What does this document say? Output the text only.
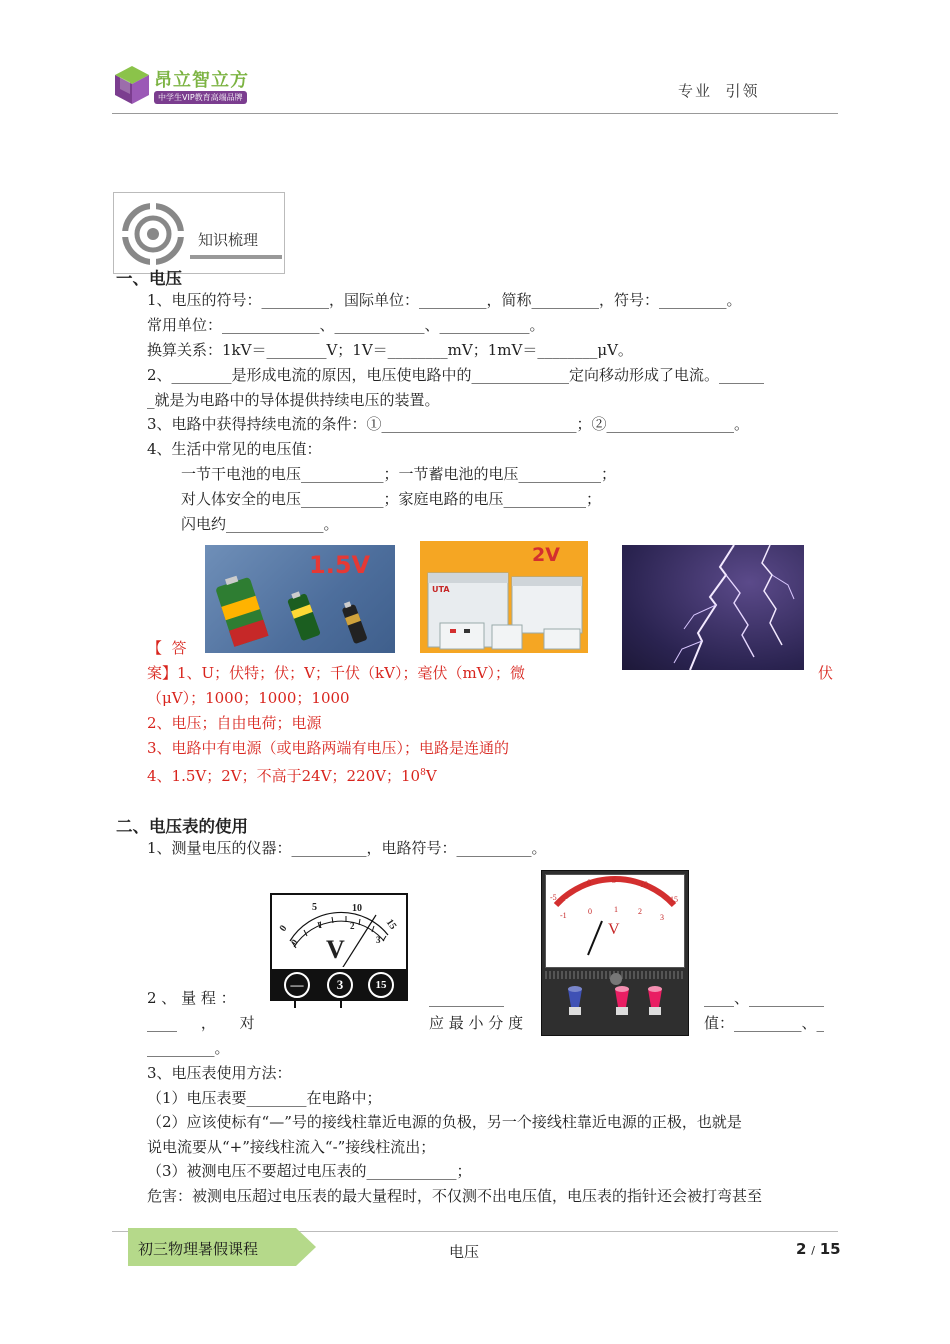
昂立智立方
中学生VIP教育高端品牌	专业  引领
知识梳理
一、电压
1、电压的符号：_________，国际单位：_________，简称_________，符号：_________。
常用单位：_____________、____________、____________。
换算关系：1kV＝________V；1V＝________mV；1mV＝________μV。
2、________是形成电流的原因，电压使电路中的_____________定向移动形成了电流。______
_就是为电路中的导体提供持续电压的装置。
3、电路中获得持续电流的条件：①__________________________；②_________________。
4、生活中常见的电压值：
一节干电池的电压___________；一节蓄电池的电压___________；
对人体安全的电压___________；家庭电路的电压___________；
闪电约_____________。
1.5V	2V
UTA
【  答
案】1、U；伏特；伏；V；千伏（kV）；毫伏（mV）；微	伏
（μV）；1000；1000；1000
2、电压；自由电荷；电源
3、电路中有电源（或电路两端有电压）；电路是连通的
4、1.5V；2V；不高于24V；220V；$10^8V$
二、电压表的使用
1、测量电压的仪器：__________，电路符号：__________。
0
5	10
15
0
1	2
3
V
—	3	15
-5
0	5	10
15
-1	0	1	2
3
V
2 、 量 程 ：	__________	____、__________
____     ，     对	应 最 小 分 度	值：_________、_
_________。
3、电压表使用方法：
（1）电压表要________在电路中；
（2）应该使标有“—”号的接线柱靠近电源的负极，另一个接线柱靠近电源的正极，也就是
说电流要从“+”接线柱流入“-”接线柱流出；
（3）被测电压不要超过电压表的____________；
危害：被测电压超过电压表的最大量程时，不仅测不出电压值，电压表的指针还会被打弯甚至
初三物理暑假课程	电压	2 / 15
